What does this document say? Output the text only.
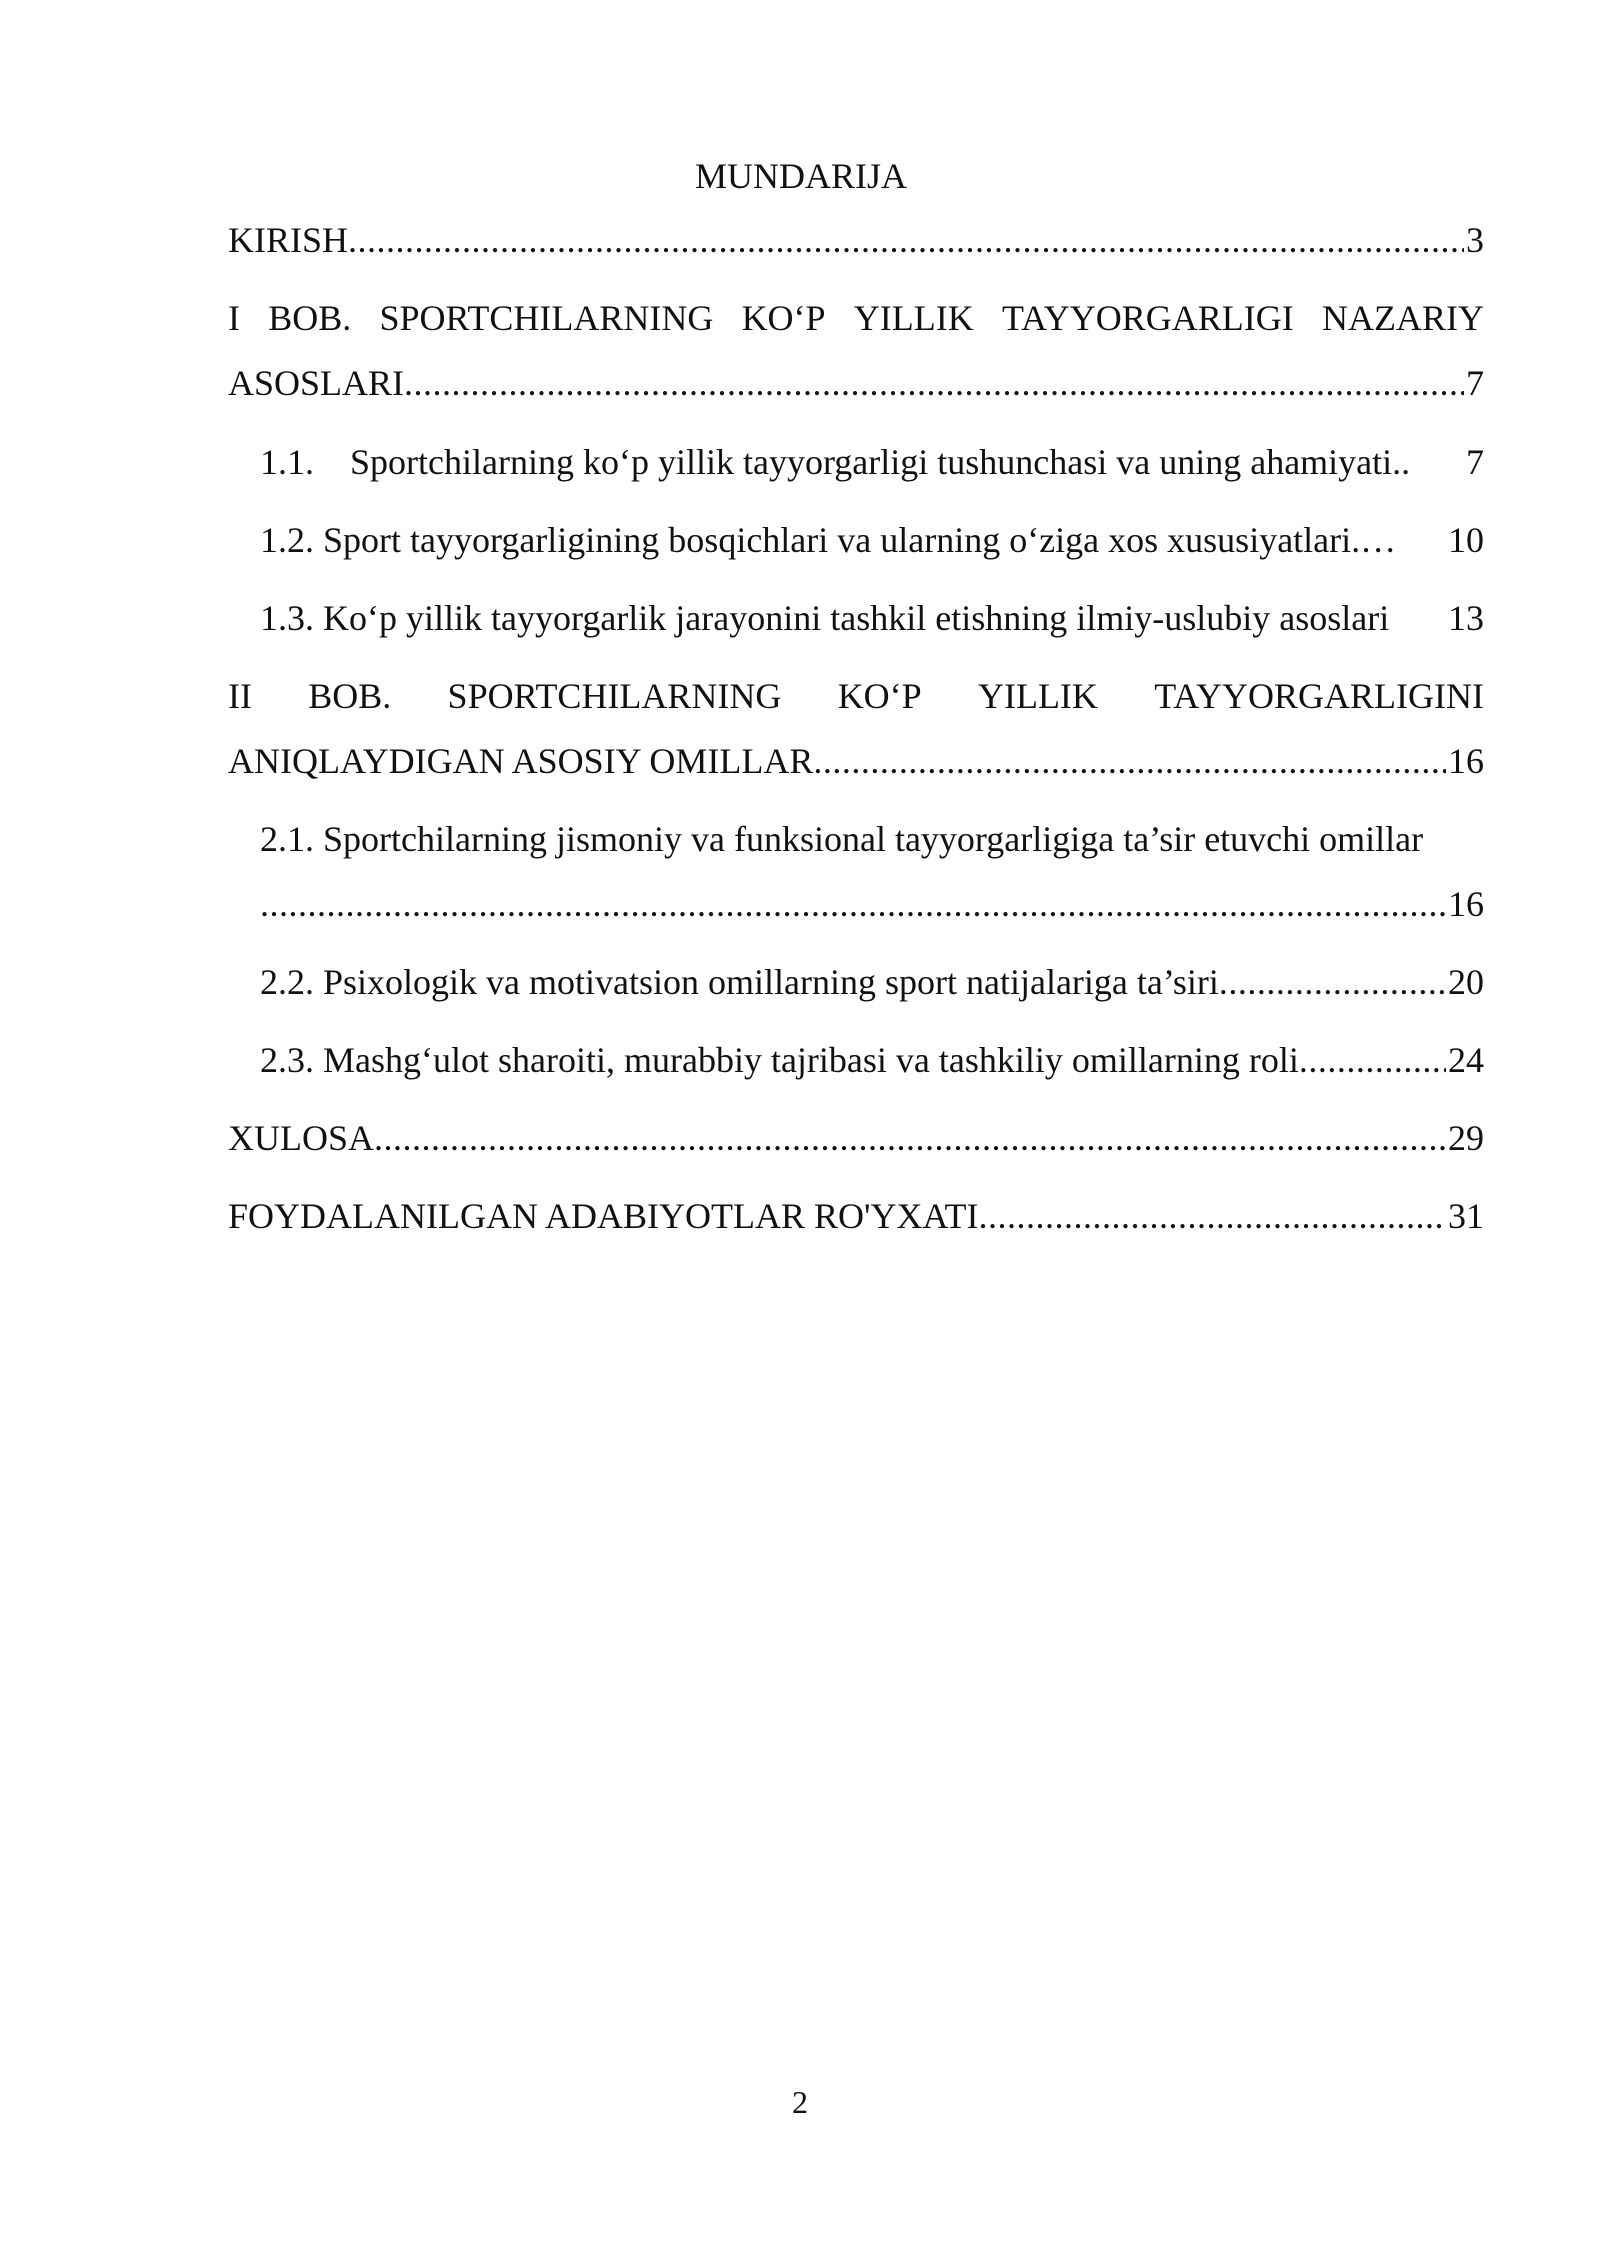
MUNDARIJA
KIRISH .....	3
I BOB. SPORTCHILARNING KO‘P YILLIK TAYYORGARLIGI NAZARIY
ASOSLARI .....	7
1.1.    Sportchilarning ko‘p yillik tayyorgarligi tushunchasi va uning ahamiyati.. 7
1.2. Sport tayyorgarligining bosqichlari va ularning o‘ziga xos xususiyatlari.… 10
1.3. Ko‘p yillik tayyorgarlik jarayonini tashkil etishning ilmiy-uslubiy asoslari 13
II BOB. SPORTCHILARNING KO‘P YILLIK TAYYORGARLIGINI
ANIQLAYDIGAN ASOSIY OMILLAR .....	16
2.1. Sportchilarning jismoniy va funksional tayyorgarligiga ta’sir etuvchi omillar
.....
16
2.2. Psixologik va motivatsion omillarning sport natijalariga ta’siri .....	20
2.3. Mashg‘ulot sharoiti, murabbiy tajribasi va tashkiliy omillarning roli .....	24
XULOSA .....	29
FOYDALANILGAN ADABIYOTLAR RO'YXATI .....	31
2
